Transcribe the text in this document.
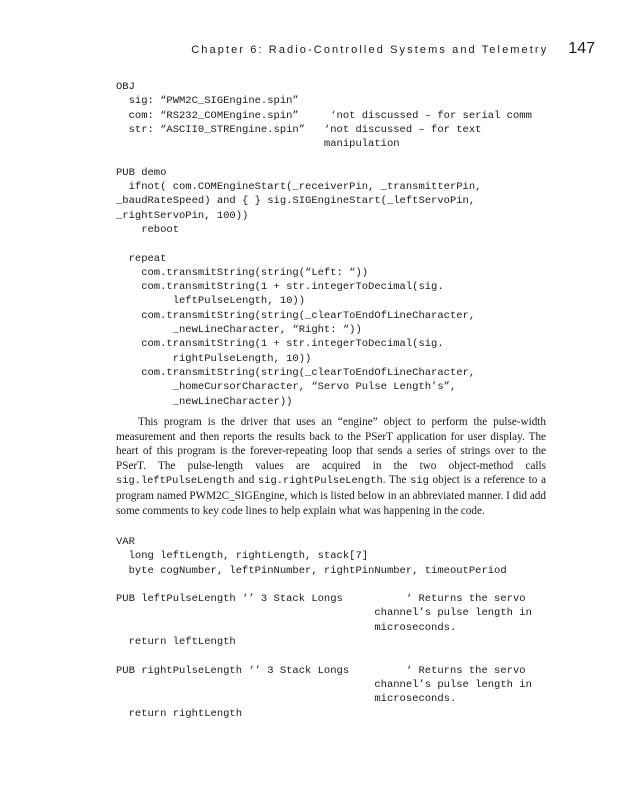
Chapter 6: Radio-Controlled Systems and Telemetry 147
OBJ
sig: “PWM2C_SIGEngine.spin”
com: “RS232_COMEngine.spin”     ‘not discussed – for serial comm
str: “ASCII0_STREngine.spin”   ‘not discussed – for text
manipulation

PUB demo
ifnot( com.COMEngineStart(_receiverPin, _transmitterPin,
_baudRateSpeed) and { } sig.SIGEngineStart(_leftServoPin,
_rightServoPin, 100))
reboot

repeat
com.transmitString(string(“Left: “))
com.transmitString(1 + str.integerToDecimal(sig.
leftPulseLength, 10))
com.transmitString(string(_clearToEndOfLineCharacter,
_newLineCharacter, “Right: “))
com.transmitString(1 + str.integerToDecimal(sig.
rightPulseLength, 10))
com.transmitString(string(_clearToEndOfLineCharacter,
_homeCursorCharacter, “Servo Pulse Length’s”,
_newLineCharacter))

This program is the driver that uses an “engine” object to perform the pulse-width measurement and then reports the results back to the PSerT application for user display. The heart of this program is the forever-repeating loop that sends a series of strings over to the PSerT. The pulse-length values are acquired in the two object-method calls sig.leftPulseLength and sig.rightPulseLength. The sig object is a reference to a program named PWM2C_SIGEngine, which is listed below in an abbreviated manner. I did add some comments to key code lines to help explain what was happening in the code.

VAR
long leftLength, rightLength, stack[7]
byte cogNumber, leftPinNumber, rightPinNumber, timeoutPeriod

PUB leftPulseLength ‘’ 3 Stack Longs          ‘ Returns the servo
channel’s pulse length in
microseconds.
return leftLength

PUB rightPulseLength ‘’ 3 Stack Longs         ‘ Returns the servo
channel’s pulse length in
microseconds.
return rightLength
